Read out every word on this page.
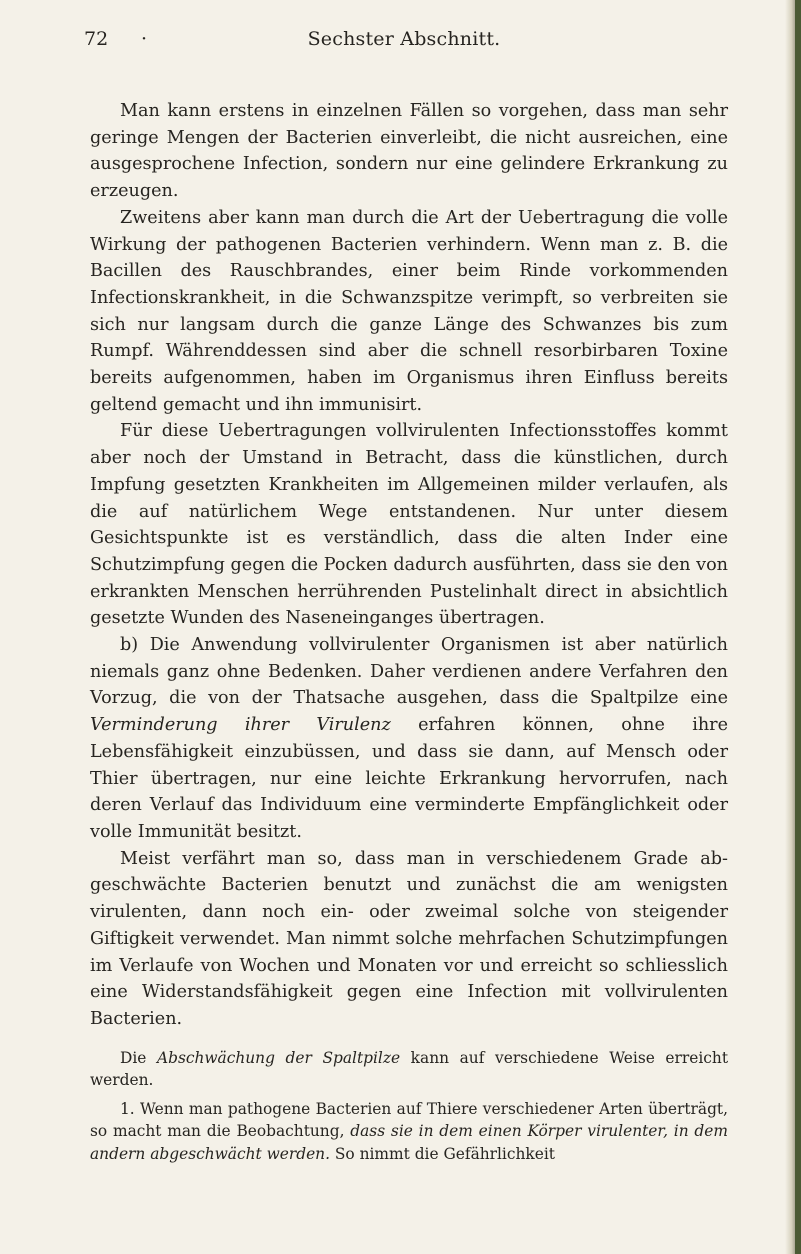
72 ·	Sechster Abschnitt.

Man kann erstens in einzelnen Fällen so vorgehen, dass man sehr geringe Mengen der Bacterien einverleibt, die nicht ausreichen, eine ausgesprochene Infection, sondern nur eine gelindere Erkrankung zu erzeugen.

Zweitens aber kann man durch die Art der Uebertragung die volle Wirkung der pathogenen Bacterien verhindern. Wenn man z. B. die Bacillen des Rauschbrandes, einer beim Rinde vorkommenden Infectionskrankheit, in die Schwanzspitze verimpft, so verbreiten sie sich nur langsam durch die ganze Länge des Schwanzes bis zum Rumpf. Währenddessen sind aber die schnell resorbirbaren Toxine bereits aufgenommen, haben im Organismus ihren Einfluss bereits geltend gemacht und ihn immunisirt.

Für diese Uebertragungen vollvirulenten Infectionsstoffes kommt aber noch der Umstand in Betracht, dass die künstlichen, durch Impfung gesetzten Krankheiten im Allgemeinen milder verlaufen, als die auf natürlichem Wege entstandenen. Nur unter diesem Gesichtspunkte ist es verständlich, dass die alten Inder eine Schutzimpfung gegen die Pocken dadurch ausführten, dass sie den von erkrankten Menschen herrührenden Pustelinhalt direct in absichtlich gesetzte Wunden des Naseneinganges übertragen.

b) Die Anwendung vollvirulenter Organismen ist aber natürlich niemals ganz ohne Bedenken. Daher verdienen andere Verfahren den Vorzug, die von der Thatsache ausgehen, dass die Spaltpilze eine Verminderung ihrer Virulenz erfahren können, ohne ihre Lebensfähigkeit einzubüssen, und dass sie dann, auf Mensch oder Thier übertragen, nur eine leichte Erkrankung hervorrufen, nach deren Verlauf das Individuum eine verminderte Empfänglichkeit oder volle Immunität besitzt.

Meist verfährt man so, dass man in verschiedenem Grade abgeschwächte Bacterien benutzt und zunächst die am wenigsten virulenten, dann noch ein- oder zweimal solche von steigender Giftigkeit verwendet. Man nimmt solche mehrfachen Schutzimpfungen im Verlaufe von Wochen und Monaten vor und erreicht so schliesslich eine Widerstandsfähigkeit gegen eine Infection mit vollvirulenten Bacterien.

Die Abschwächung der Spaltpilze kann auf verschiedene Weise erreicht werden.

1. Wenn man pathogene Bacterien auf Thiere verschiedener Arten überträgt, so macht man die Beobachtung, dass sie in dem einen Körper virulenter, in dem andern abgeschwächt werden. So nimmt die Gefährlichkeit
